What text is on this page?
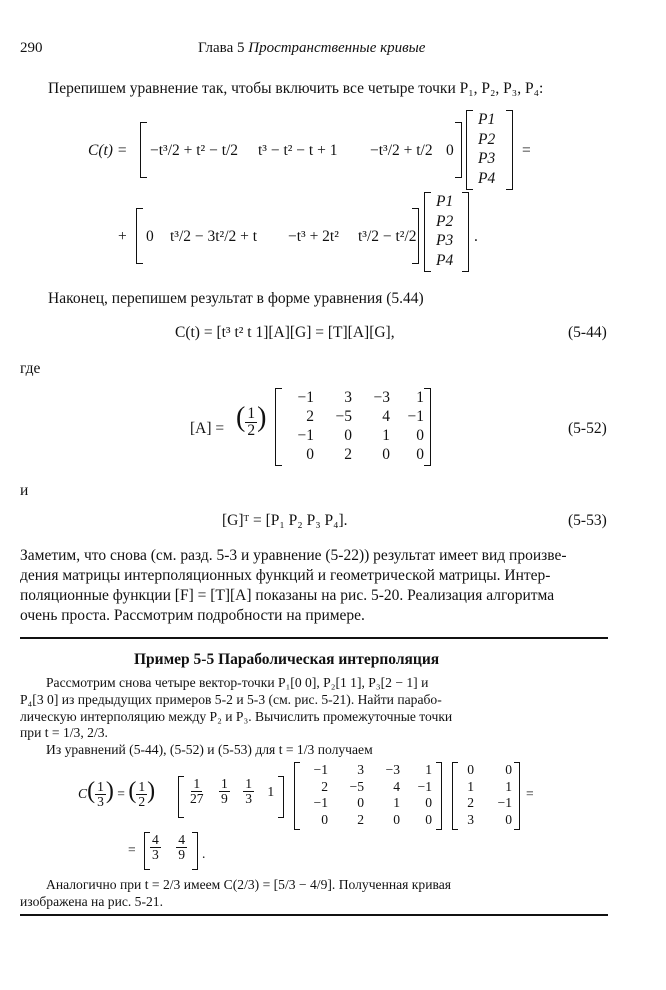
290	Глава 5 Пространственные кривые
Перепишем уравнение так, чтобы включить все четыре точки P₁, P₂, P₃, P₄:
C(t) = −t³/2 + t² − t/2 t³ − t² − t + 1 −t³/2 + t/2 0
P1
P2
P3
P4
=
+ 0 t³/2 − 3t²/2 + t −t³ + 2t² t³/2 − t²/2
P1
P2
P3
P4
.
Наконец, перепишем результат в форме уравнения (5.44)
C(t) = [t³ t² t 1][A][G] = [T][A][G],	(5-44)
где
[A] = ( $\frac{1}{2}$ )
−1	3	−3	1
2	−5	4	−1
−1	0	1	0
0	2	0	0
(5-52)
и
[G]ᵀ = [P₁ P₂ P₃ P₄].	(5-53)
Заметим, что снова (см. разд. 5-3 и уравнение (5-22)) результат имеет вид произве-
дения матрицы интерполяционных функций и геометрической матрицы. Интер-
поляционные функции [F] = [T][A] показаны на рис. 5-20. Реализация алгоритма
очень проста. Рассмотрим подробности на примере.
Пример 5-5 Параболическая интерполяция
Рассмотрим снова четыре вектор-точки P₁[0 0], P₂[1 1], P₃[2 − 1] и
P₄[3 0] из предыдущих примеров 5-2 и 5-3 (см. рис. 5-21). Найти парабо-
лическую интерполяцию между P₂ и P₃. Вычислить промежуточные точки
при t = 1/3, 2/3.
Из уравнений (5-44), (5-52) и (5-53) для t = 1/3 получаем
$C( \frac{1}{3}$ ) = ( $\frac{1}{2}$ ) $\frac{1}{27}$
$\frac{1}{9}$
$\frac{1}{3} 1$
−1	3	−3	1
2	−5	4	−1
−1	0	1	0
0	2	0	0
0	0
1	1
2	−1
3	0
=
= $\frac{4}{3}$
$\frac{4}{9}$ .
Аналогично при t = 2/3 имеем C(2/3) = [5/3 − 4/9]. Полученная кривая
изображена на рис. 5-21.
